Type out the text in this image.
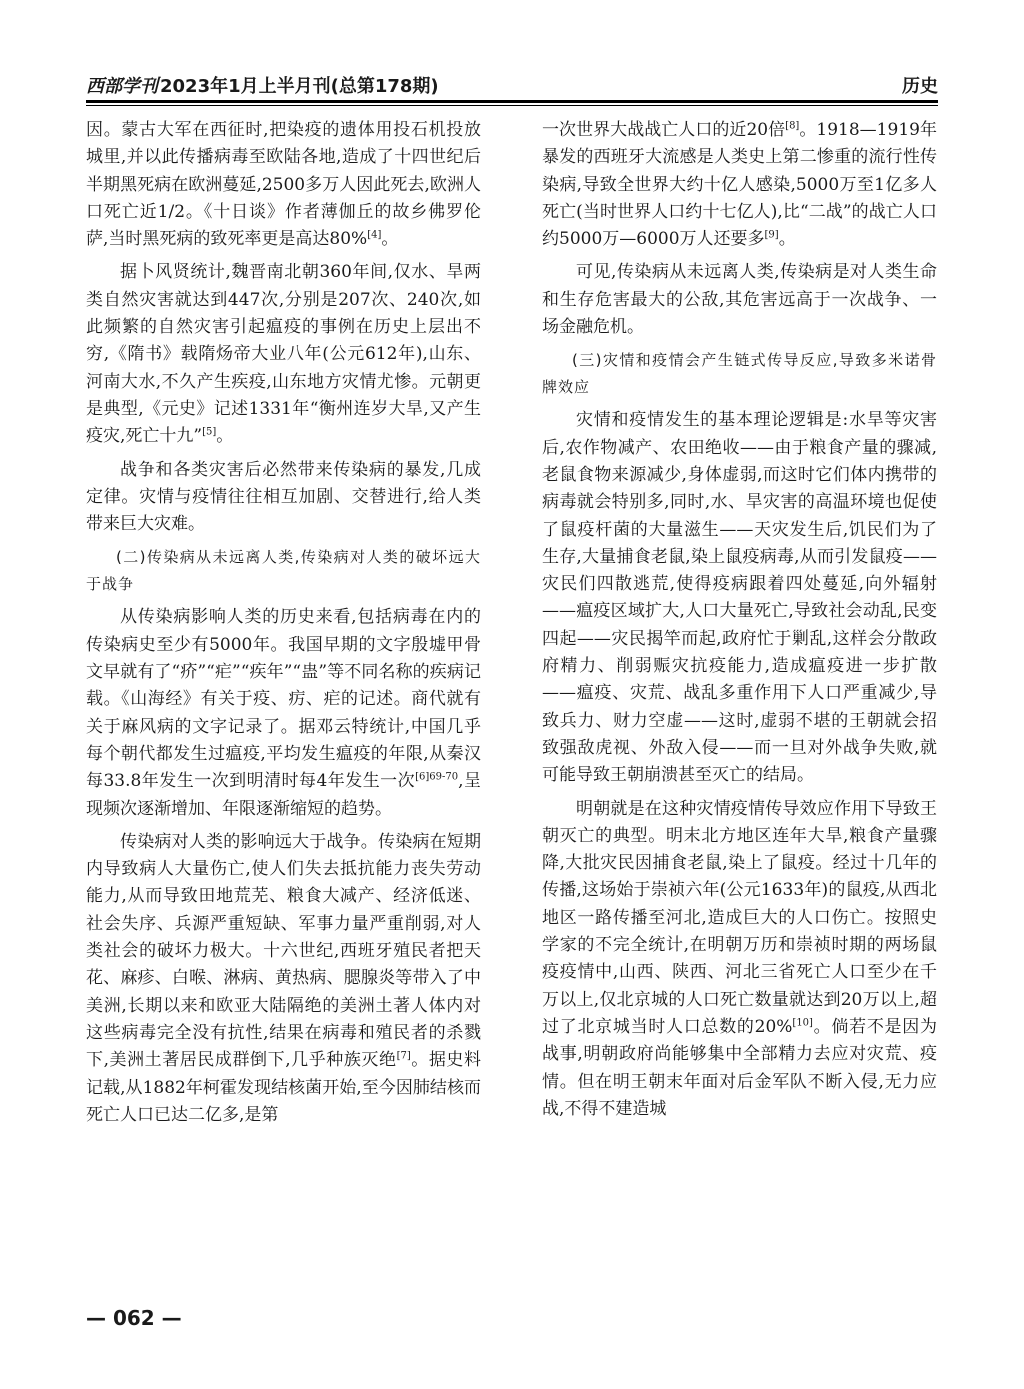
西部学刊 2023年1月上半月刊(总第178期)	历史

因。蒙古大军在西征时,把染疫的遗体用投石机投放城里,并以此传播病毒至欧陆各地,造成了十四世纪后半期黑死病在欧洲蔓延,2500多万人因此死去,欧洲人口死亡近1/2。《十日谈》作者薄伽丘的故乡佛罗伦萨,当时黑死病的致死率更是高达80%[4]。

据卜风贤统计,魏晋南北朝360年间,仅水、旱两类自然灾害就达到447次,分别是207次、240次,如此频繁的自然灾害引起瘟疫的事例在历史上层出不穷,《隋书》载隋炀帝大业八年(公元612年),山东、河南大水,不久产生疾疫,山东地方灾情尤惨。元朝更是典型,《元史》记述1331年“衡州连岁大旱,又产生疫灾,死亡十九”[5]。

战争和各类灾害后必然带来传染病的暴发,几成定律。灾情与疫情往往相互加剧、交替进行,给人类带来巨大灾难。

(二)传染病从未远离人类,传染病对人类的破坏远大于战争

从传染病影响人类的历史来看,包括病毒在内的传染病史至少有5000年。我国早期的文字殷墟甲骨文早就有了“疥”“疟”“疾年”“蛊”等不同名称的疾病记载。《山海经》有关于疫、疠、疟的记述。商代就有关于麻风病的文字记录了。据邓云特统计,中国几乎每个朝代都发生过瘟疫,平均发生瘟疫的年限,从秦汉每33.8年发生一次到明清时每4年发生一次$^{[6]69-70}$,呈现频次逐渐增加、年限逐渐缩短的趋势。

传染病对人类的影响远大于战争。传染病在短期内导致病人大量伤亡,使人们失去抵抗能力丧失劳动能力,从而导致田地荒芜、粮食大减产、经济低迷、社会失序、兵源严重短缺、军事力量严重削弱,对人类社会的破坏力极大。十六世纪,西班牙殖民者把天花、麻疹、白喉、淋病、黄热病、腮腺炎等带入了中美洲,长期以来和欧亚大陆隔绝的美洲土著人体内对这些病毒完全没有抗性,结果在病毒和殖民者的杀戮下,美洲土著居民成群倒下,几乎种族灭绝[7]。据史料记载,从1882年柯霍发现结核菌开始,至今因肺结核而死亡人口已达二亿多,是第

一次世界大战战亡人口的近20倍[8]。1918—1919年暴发的西班牙大流感是人类史上第二惨重的流行性传染病,导致全世界大约十亿人感染,5000万至1亿多人死亡(当时世界人口约十七亿人),比“二战”的战亡人口约5000万—6000万人还要多[9]。

可见,传染病从未远离人类,传染病是对人类生命和生存危害最大的公敌,其危害远高于一次战争、一场金融危机。

(三)灾情和疫情会产生链式传导反应,导致多米诺骨牌效应

灾情和疫情发生的基本理论逻辑是:水旱等灾害后,农作物减产、农田绝收——由于粮食产量的骤减,老鼠食物来源减少,身体虚弱,而这时它们体内携带的病毒就会特别多,同时,水、旱灾害的高温环境也促使了鼠疫杆菌的大量滋生——天灾发生后,饥民们为了生存,大量捕食老鼠,染上鼠疫病毒,从而引发鼠疫——灾民们四散逃荒,使得疫病跟着四处蔓延,向外辐射——瘟疫区域扩大,人口大量死亡,导致社会动乱,民变四起——灾民揭竿而起,政府忙于剿乱,这样会分散政府精力、削弱赈灾抗疫能力,造成瘟疫进一步扩散——瘟疫、灾荒、战乱多重作用下人口严重减少,导致兵力、财力空虚——这时,虚弱不堪的王朝就会招致强敌虎视、外敌入侵——而一旦对外战争失败,就可能导致王朝崩溃甚至灭亡的结局。

明朝就是在这种灾情疫情传导效应作用下导致王朝灭亡的典型。明末北方地区连年大旱,粮食产量骤降,大批灾民因捕食老鼠,染上了鼠疫。经过十几年的传播,这场始于崇祯六年(公元1633年)的鼠疫,从西北地区一路传播至河北,造成巨大的人口伤亡。按照史学家的不完全统计,在明朝万历和崇祯时期的两场鼠疫疫情中,山西、陕西、河北三省死亡人口至少在千万以上,仅北京城的人口死亡数量就达到20万以上,超过了北京城当时人口总数的20%[10]。倘若不是因为战事,明朝政府尚能够集中全部精力去应对灾荒、疫情。但在明王朝末年面对后金军队不断入侵,无力应战,不得不建造城

— 062 —
